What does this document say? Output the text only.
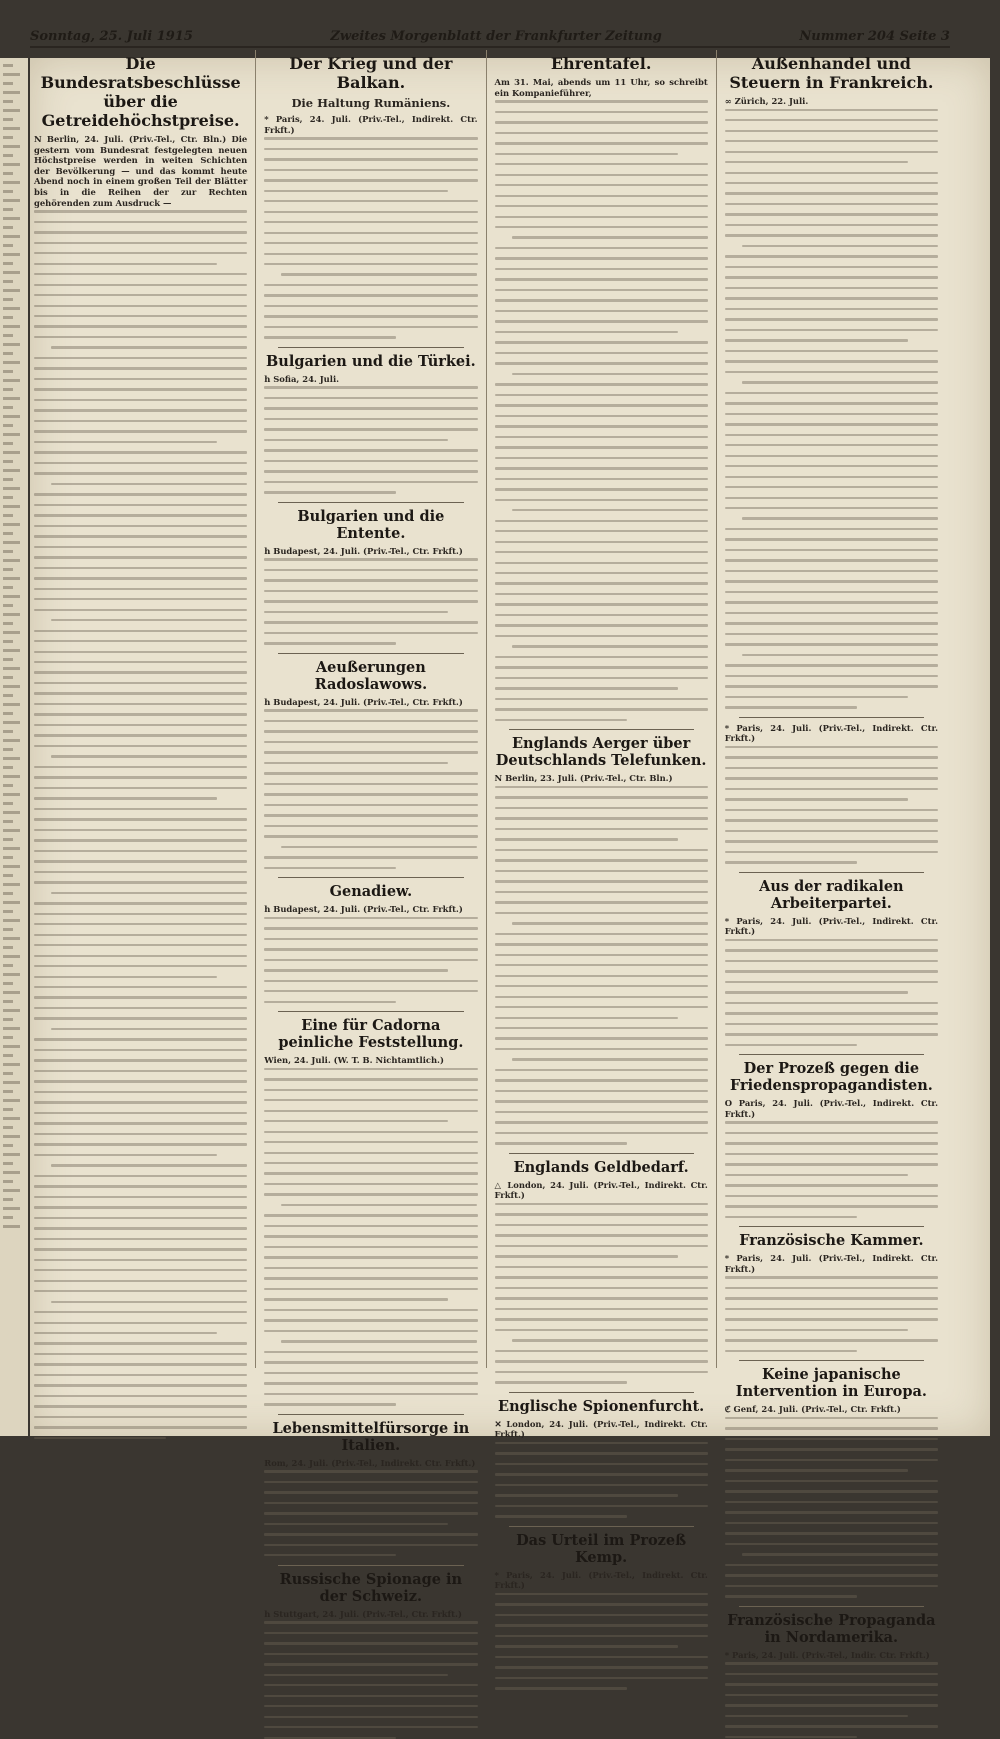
Sonntag, 25. Juli 1915	Zweites Morgenblatt der Frankfurter Zeitung	Nummer 204 Seite 3
Die Bundesratsbeschlüsse über die Getreidehöchstpreise.
N Berlin, 24. Juli. (Priv.-Tel., Ctr. Bln.) Die gestern vom Bundesrat festgelegten neuen Höchstpreise werden in weiten Schichten der Bevölkerung — und das kommt heute Abend noch in einem großen Teil der Blätter bis in die Reihen der zur Rechten gehörenden zum Ausdruck —
Der Krieg und der Balkan.
Die Haltung Rumäniens.
* Paris, 24. Juli. (Priv.-Tel., Indirekt. Ctr. Frkft.)
Bulgarien und die Türkei.
h Sofia, 24. Juli.
Bulgarien und die Entente.
h Budapest, 24. Juli. (Priv.-Tel., Ctr. Frkft.)
Aeußerungen Radoslawows.
h Budapest, 24. Juli. (Priv.-Tel., Ctr. Frkft.)
Genadiew.
h Budapest, 24. Juli. (Priv.-Tel., Ctr. Frkft.)
Eine für Cadorna peinliche Feststellung.
Wien, 24. Juli. (W. T. B. Nichtamtlich.)
Lebensmittelfürsorge in Italien.
Rom, 24. Juli. (Priv.-Tel., Indirekt. Ctr. Frkft.)
Russische Spionage in der Schweiz.
h Stuttgart, 24. Juli. (Priv.-Tel., Ctr. Frkft.)
Ehrentafel.
Am 31. Mai, abends um 11 Uhr, so schreibt ein Kompanieführer,
Englands Aerger über Deutschlands Telefunken.
N Berlin, 23. Juli. (Priv.-Tel., Ctr. Bln.)
Englands Geldbedarf.
△ London, 24. Juli. (Priv.-Tel., Indirekt. Ctr. Frkft.)
Englische Spionenfurcht.
✕ London, 24. Juli. (Priv.-Tel., Indirekt. Ctr. Frkft.)
Das Urteil im Prozeß Kemp.
* Paris, 24. Juli. (Priv.-Tel., Indirekt. Ctr. Frkft.)
Außenhandel und Steuern in Frankreich.
∞ Zürich, 22. Juli.
* Paris, 24. Juli. (Priv.-Tel., Indirekt. Ctr. Frkft.)
Aus der radikalen Arbeiterpartei.
* Paris, 24. Juli. (Priv.-Tel., Indirekt. Ctr. Frkft.)
Der Prozeß gegen die Friedenspropagandisten.
O Paris, 24. Juli. (Priv.-Tel., Indirekt. Ctr. Frkft.)
Französische Kammer.
* Paris, 24. Juli. (Priv.-Tel., Indirekt. Ctr. Frkft.)
Keine japanische Intervention in Europa.
ℭ Genf, 24. Juli. (Priv.-Tel., Ctr. Frkft.)
Französische Propaganda in Nordamerika.
* Paris, 24. Juli. (Priv.-Tel., Indir. Ctr. Frkft.)
